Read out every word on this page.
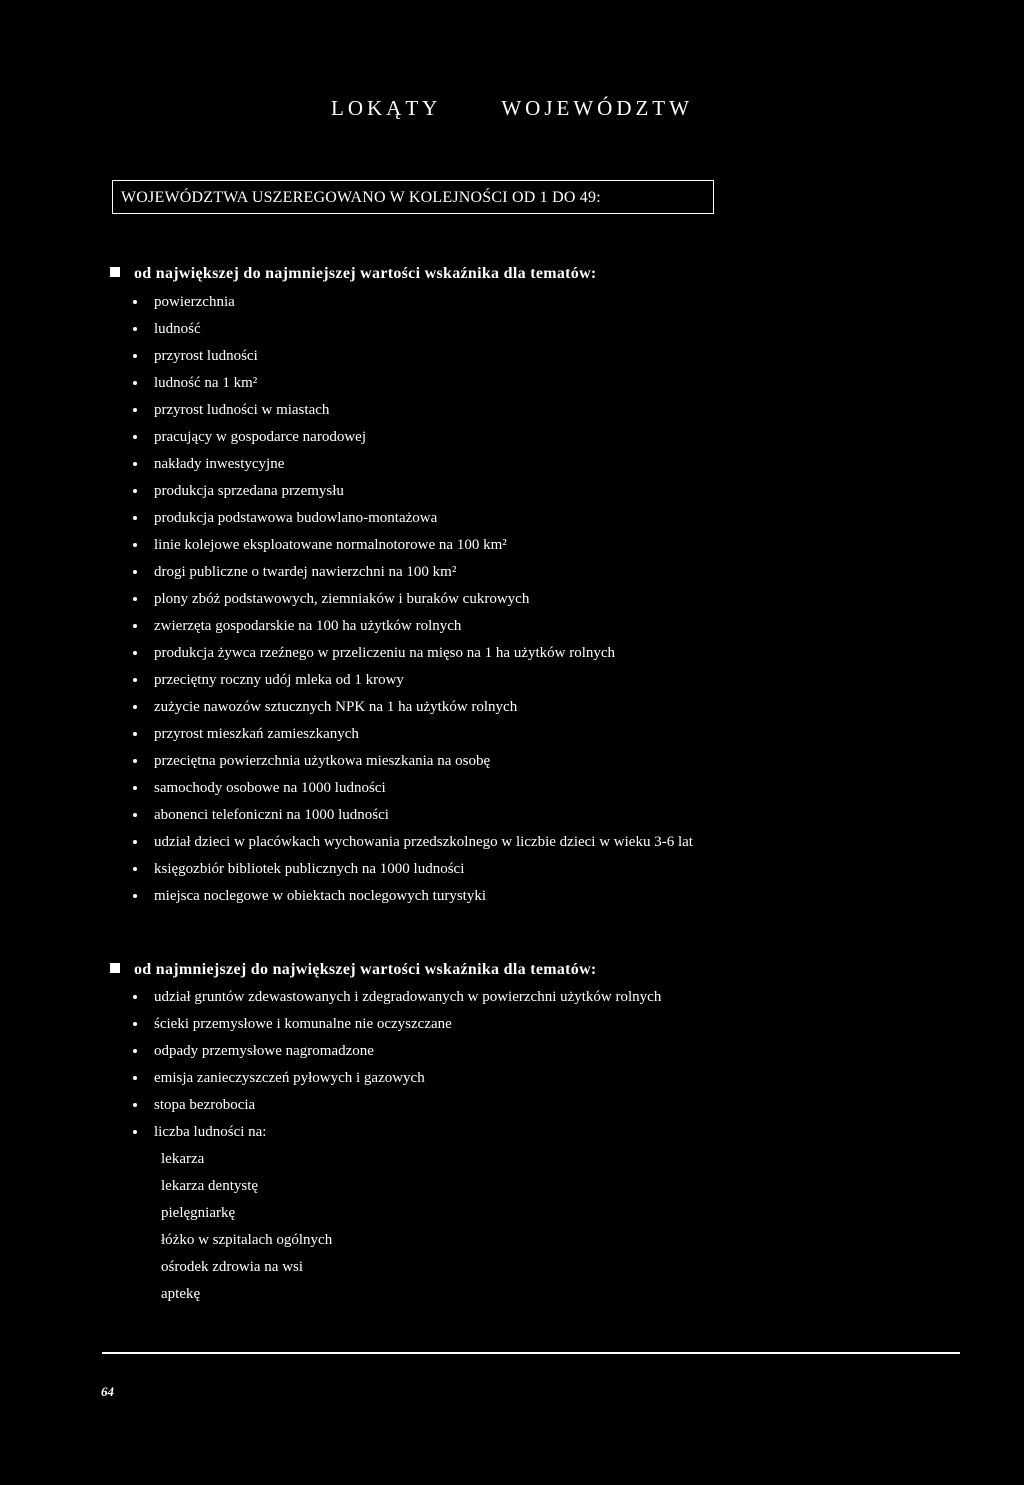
LOKĄTY	WOJEWÓDZTW
WOJEWÓDZTWA USZEREGOWANO W KOLEJNOŚCI OD 1 DO 49:
od największej do najmniejszej wartości wskaźnika dla tematów:
powierzchnia
ludność
przyrost ludności
ludność na 1 km²
przyrost ludności w miastach
pracujący w gospodarce narodowej
nakłady inwestycyjne
produkcja sprzedana przemysłu
produkcja podstawowa budowlano-montażowa
linie kolejowe eksploatowane normalnotorowe na 100 km²
drogi publiczne o twardej nawierzchni na 100 km²
plony zbóż podstawowych, ziemniaków i buraków cukrowych
zwierzęta gospodarskie na 100 ha użytków rolnych
produkcja żywca rzeźnego w przeliczeniu na mięso na 1 ha użytków rolnych
przeciętny roczny udój mleka od 1 krowy
zużycie nawozów sztucznych NPK na 1 ha użytków rolnych
przyrost mieszkań zamieszkanych
przeciętna powierzchnia użytkowa mieszkania na osobę
samochody osobowe na 1000 ludności
abonenci telefoniczni na 1000 ludności
udział dzieci w placówkach wychowania przedszkolnego w liczbie dzieci w wieku 3-6 lat
księgozbiór bibliotek publicznych na 1000 ludności
miejsca noclegowe w obiektach noclegowych turystyki
od najmniejszej do największej wartości wskaźnika dla tematów:
udział gruntów zdewastowanych i zdegradowanych w powierzchni użytków rolnych
ścieki przemysłowe i komunalne nie oczyszczane
odpady przemysłowe nagromadzone
emisja zanieczyszczeń pyłowych i gazowych
stopa bezrobocia
liczba ludności na:
lekarza
lekarza dentystę
pielęgniarkę
łóżko w szpitalach ogólnych
ośrodek zdrowia na wsi
aptekę
64
